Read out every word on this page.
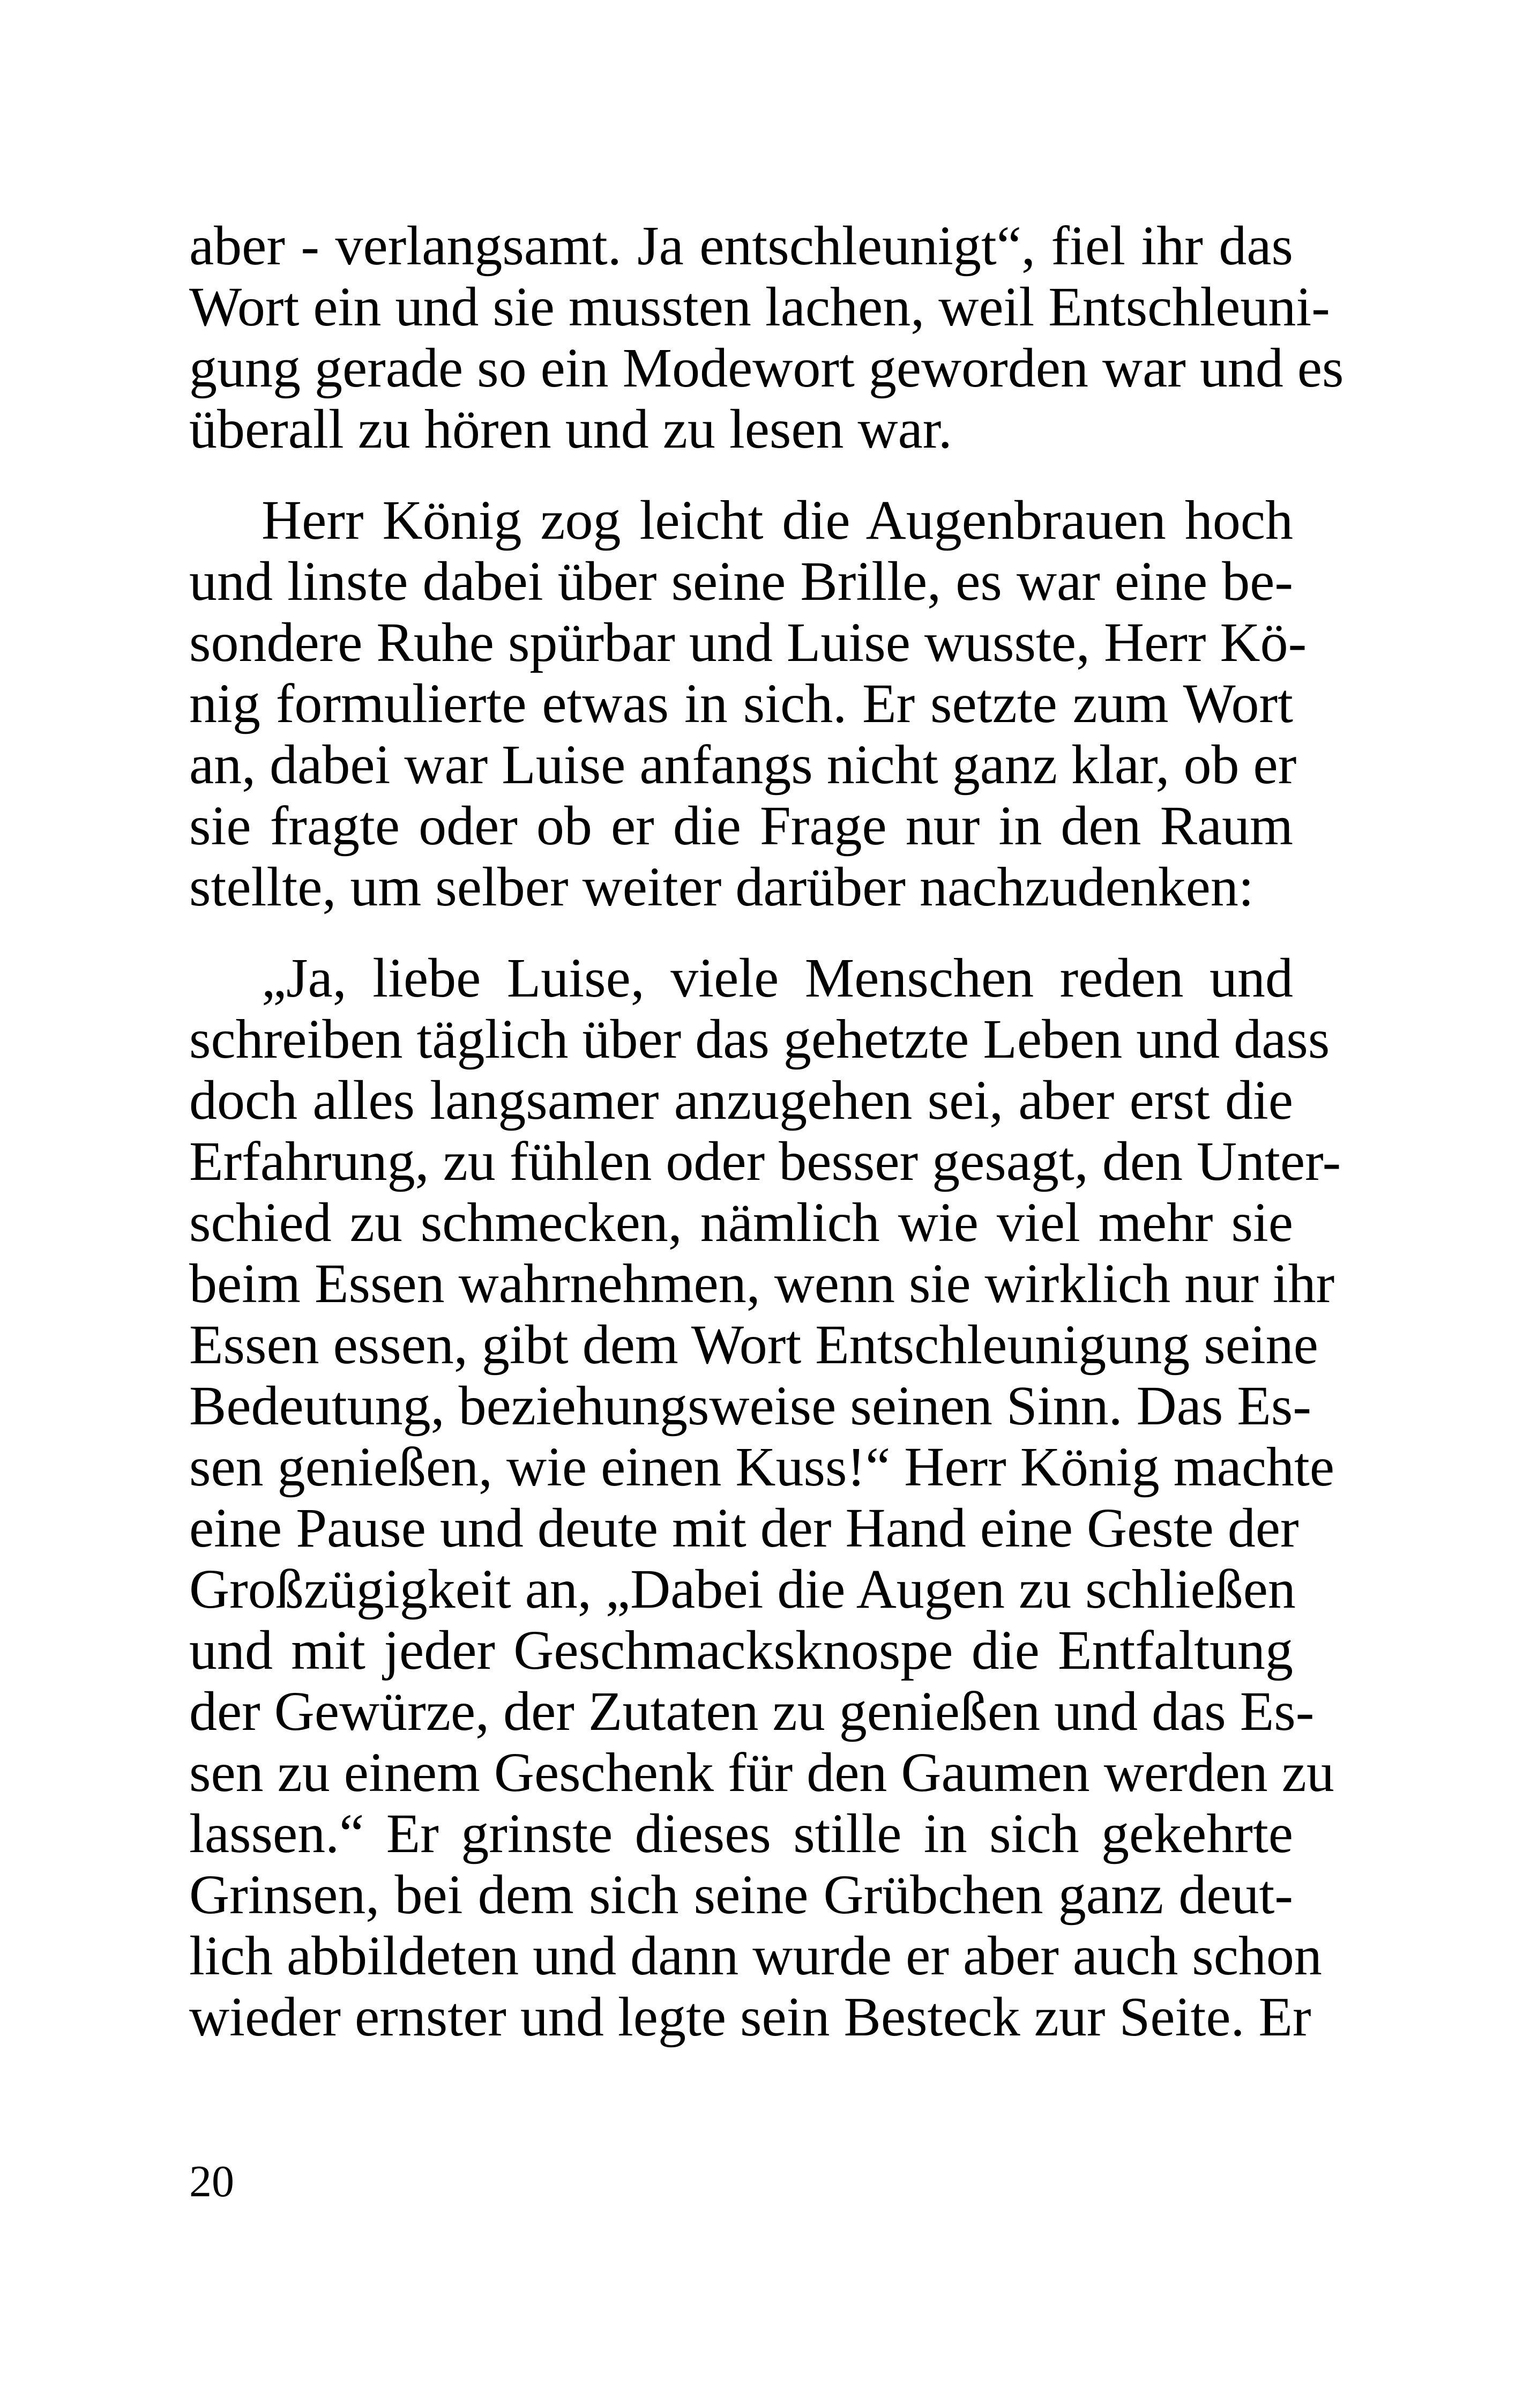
aber - verlangsamt. Ja entschleunigt“, fiel ihr das
Wort ein und sie mussten lachen, weil Entschleuni-
gung gerade so ein Modewort geworden war und es
überall zu hören und zu lesen war.
Herr König zog leicht die Augenbrauen hoch
und linste dabei über seine Brille, es war eine be-
sondere Ruhe spürbar und Luise wusste, Herr Kö-
nig formulierte etwas in sich. Er setzte zum Wort
an, dabei war Luise anfangs nicht ganz klar, ob er
sie fragte oder ob er die Frage nur in den Raum
stellte, um selber weiter darüber nachzudenken:
„Ja, liebe Luise, viele Menschen reden und
schreiben täglich über das gehetzte Leben und dass
doch alles langsamer anzugehen sei, aber erst die
Erfahrung, zu fühlen oder besser gesagt, den Unter-
schied zu schmecken, nämlich wie viel mehr sie
beim Essen wahrnehmen, wenn sie wirklich nur ihr
Essen essen, gibt dem Wort Entschleunigung seine
Bedeutung, beziehungsweise seinen Sinn. Das Es-
sen genießen, wie einen Kuss!“ Herr König machte
eine Pause und deute mit der Hand eine Geste der
Großzügigkeit an, „Dabei die Augen zu schließen
und mit jeder Geschmacksknospe die Entfaltung
der Gewürze, der Zutaten zu genießen und das Es-
sen zu einem Geschenk für den Gaumen werden zu
lassen.“ Er grinste dieses stille in sich gekehrte
Grinsen, bei dem sich seine Grübchen ganz deut-
lich abbildeten und dann wurde er aber auch schon
wieder ernster und legte sein Besteck zur Seite. Er
20
